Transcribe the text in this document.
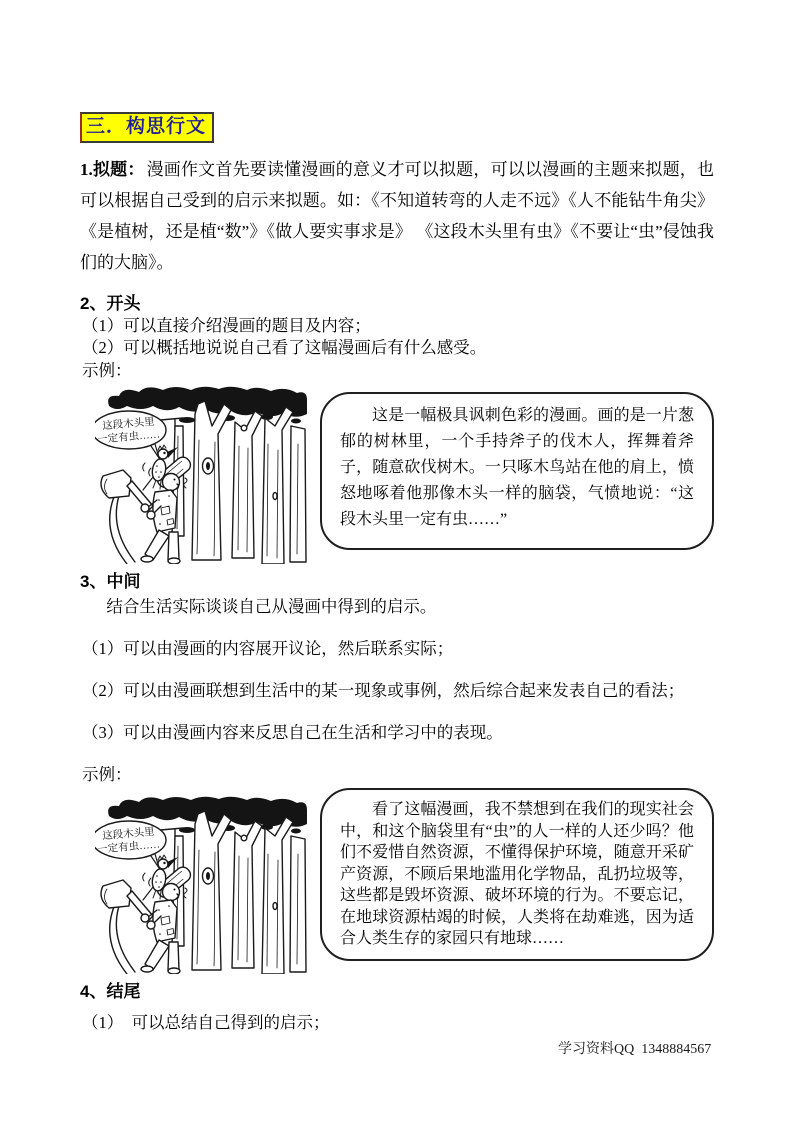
三．构思行文

1.拟题： 漫画作文首先要读懂漫画的意义才可以拟题，可以以漫画的主题来拟题，也可以根据自己受到的启示来拟题。如：《不知道转弯的人走不远》《人不能钻牛角尖》《是植树，还是植“数”》《做人要实事求是》 《这段木头里有虫》《不要让“虫”侵蚀我们的大脑》。

2、开头

（1）可以直接介绍漫画的题目及内容；

（2）可以概括地说说自己看了这幅漫画后有什么感受。

示例：

这段木头里
一定有虫……

这是一幅极具讽刺色彩的漫画。画的是一片葱郁的树林里，一个手持斧子的伐木人，挥舞着斧子，随意砍伐树木。一只啄木鸟站在他的肩上，愤怒地啄着他那像木头一样的脑袋，气愤地说：“这段木头里一定有虫……”

3、中间

结合生活实际谈谈自己从漫画中得到的启示。

（1）可以由漫画的内容展开议论，然后联系实际；

（2）可以由漫画联想到生活中的某一现象或事例，然后综合起来发表自己的看法；

（3）可以由漫画内容来反思自己在生活和学习中的表现。

示例：

这段木头里
一定有虫……

看了这幅漫画，我不禁想到在我们的现实社会中，和这个脑袋里有“虫”的人一样的人还少吗？他们不爱惜自然资源，不懂得保护环境，随意开采矿产资源，不顾后果地滥用化学物品，乱扔垃圾等，这些都是毁坏资源、破坏环境的行为。不要忘记，在地球资源枯竭的时候，人类将在劫难逃，因为适合人类生存的家园只有地球……

4、结尾

（1）　可以总结自己得到的启示；

学习资料QQ  1348884567
